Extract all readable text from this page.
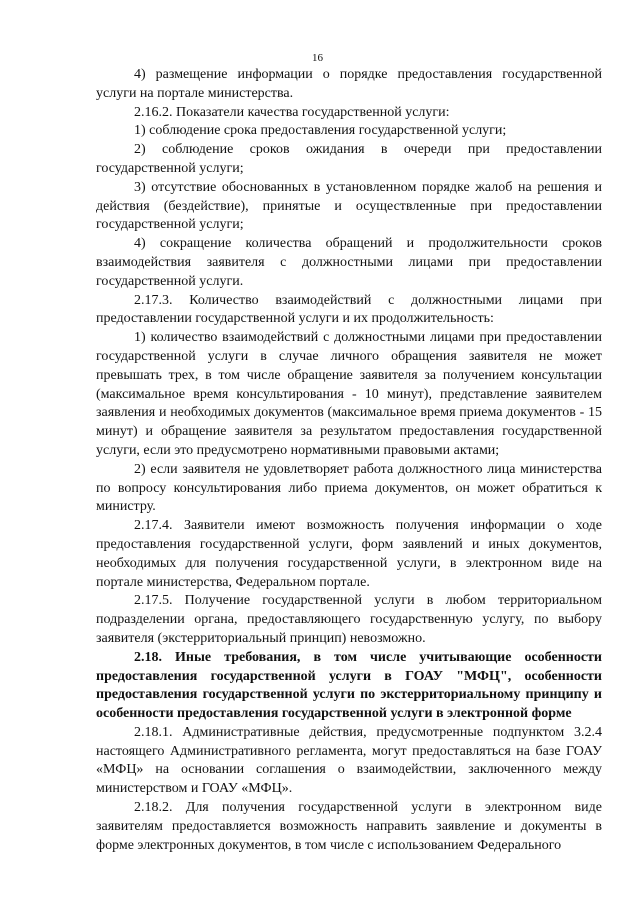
16

4) размещение информации о порядке предоставления государственной услуги на портале министерства.

2.16.2. Показатели качества государственной услуги:

1) соблюдение срока предоставления государственной услуги;

2) соблюдение сроков ожидания в очереди при предоставлении государственной услуги;

3) отсутствие обоснованных в установленном порядке жалоб на решения и действия (бездействие), принятые и осуществленные при предоставлении государственной услуги;

4) сокращение количества обращений и продолжительности сроков взаимодействия заявителя с должностными лицами при предоставлении государственной услуги.

2.17.3. Количество взаимодействий с должностными лицами при предоставлении государственной услуги и их продолжительность:

1) количество взаимодействий с должностными лицами при предоставлении государственной услуги в случае личного обращения заявителя не может превышать трех, в том числе обращение заявителя за получением консультации (максимальное время консультирования - 10 минут), представление заявителем заявления и необходимых документов (максимальное время приема документов - 15 минут) и обращение заявителя за результатом предоставления государственной услуги, если это предусмотрено нормативными правовыми актами;

2) если заявителя не удовлетворяет работа должностного лица министерства по вопросу консультирования либо приема документов, он может обратиться к министру.

2.17.4. Заявители имеют возможность получения информации о ходе предоставления государственной услуги, форм заявлений и иных документов, необходимых для получения государственной услуги, в электронном виде на портале министерства, Федеральном портале.

2.17.5. Получение государственной услуги в любом территориальном подразделении органа, предоставляющего государственную услугу, по выбору заявителя (экстерриториальный принцип) невозможно.

2.18. Иные требования, в том числе учитывающие особенности предоставления государственной услуги в ГОАУ "МФЦ", особенности предоставления государственной услуги по экстерриториальному принципу и особенности предоставления государственной услуги в электронной форме

2.18.1. Административные действия, предусмотренные подпунктом 3.2.4 настоящего Административного регламента, могут предоставляться на базе ГОАУ «МФЦ» на основании соглашения о взаимодействии, заключенного между министерством и ГОАУ «МФЦ».

2.18.2. Для получения государственной услуги в электронном виде заявителям предоставляется возможность направить заявление и документы в форме электронных документов, в том числе с использованием Федерального
